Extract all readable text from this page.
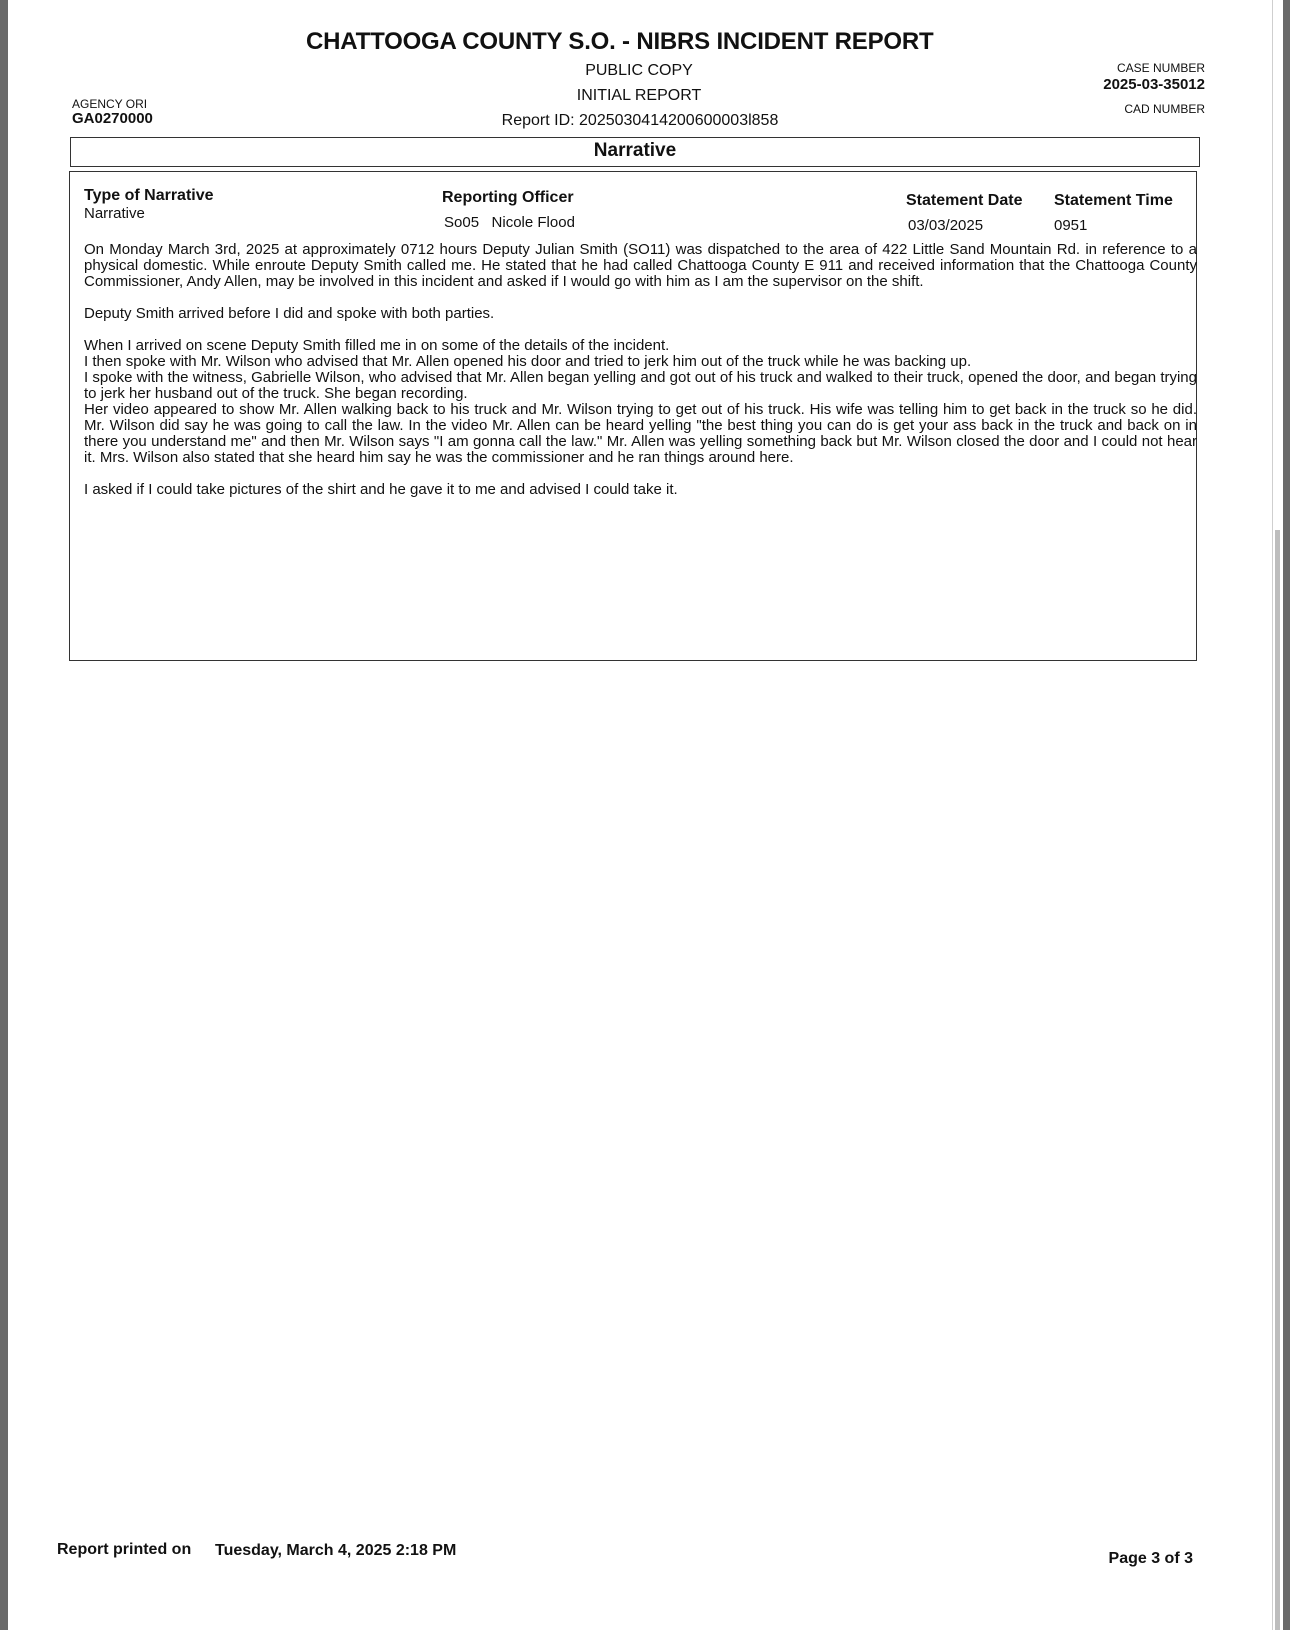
CHATTOOGA COUNTY S.O. - NIBRS INCIDENT REPORT
PUBLIC COPY
INITIAL REPORT
Report ID: 2025030414200600003l858
AGENCY ORI
GA0270000
CASE NUMBER
2025-03-35012
CAD NUMBER
Narrative
Type of Narrative
Narrative
Reporting Officer
So05   Nicole Flood
Statement Date
03/03/2025
Statement Time
0951

On Monday March 3rd, 2025 at approximately 0712 hours Deputy Julian Smith (SO11) was dispatched to the area of 422 Little Sand Mountain Rd. in reference to a physical domestic. While enroute Deputy Smith called me. He stated that he had called Chattooga County E 911 and received information that the Chattooga County Commissioner, Andy Allen, may be involved in this incident and asked if I would go with him as I am the supervisor on the shift.

Deputy Smith arrived before I did and spoke with both parties.

When I arrived on scene Deputy Smith filled me in on some of the details of the incident.

I then spoke with Mr. Wilson who advised that Mr. Allen opened his door and tried to jerk him out of the truck while he was backing up.

I spoke with the witness, Gabrielle Wilson, who advised that Mr. Allen began yelling and got out of his truck and walked to their truck, opened the door, and began trying to jerk her husband out of the truck. She began recording.

Her video appeared to show Mr. Allen walking back to his truck and Mr. Wilson trying to get out of his truck. His wife was telling him to get back in the truck so he did. Mr. Wilson did say he was going to call the law. In the video Mr. Allen can be heard yelling "the best thing you can do is get your ass back in the truck and back on in there you understand me" and then Mr. Wilson says "I am gonna call the law." Mr. Allen was yelling something back but Mr. Wilson closed the door and I could not hear it. Mrs. Wilson also stated that she heard him say he was the commissioner and he ran things around here.

I asked if I could take pictures of the shirt and he gave it to me and advised I could take it.

Report printed on Tuesday, March 4, 2025 2:18 PM	Page 3 of 3
